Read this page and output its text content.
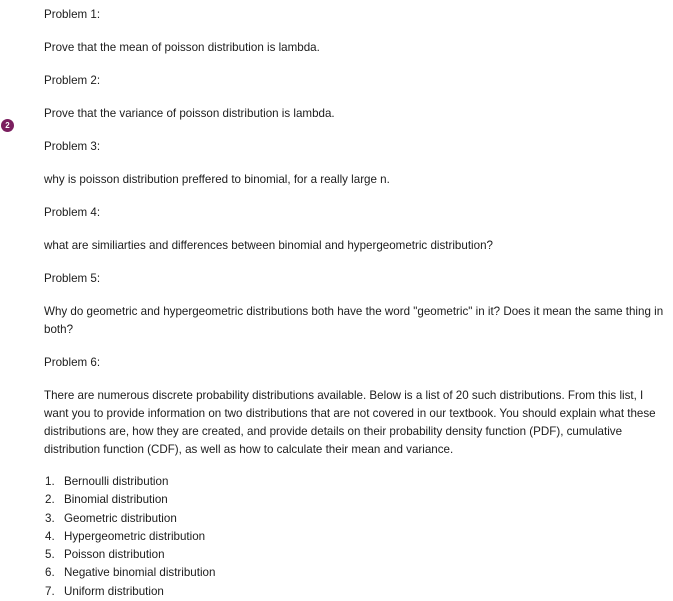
2

Problem 1:

Prove that the mean of poisson distribution is lambda.

Problem 2:

Prove that the variance of poisson distribution is lambda.

Problem 3:

why is poisson distribution preffered to binomial, for a really large n.

Problem 4:

what are similiarties and differences between binomial and hypergeometric distribution?

Problem 5:

Why do geometric and hypergeometric distributions both have the word "geometric" in it? Does it mean the same thing in both?

Problem 6:

There are numerous discrete probability distributions available. Below is a list of 20 such distributions. From this list, I want you to provide information on two distributions that are not covered in our textbook. You should explain what these distributions are, how they are created, and provide details on their probability density function (PDF), cumulative distribution function (CDF), as well as how to calculate their mean and variance.

1. Bernoulli distribution
2. Binomial distribution
3. Geometric distribution
4. Hypergeometric distribution
5. Poisson distribution
6. Negative binomial distribution
7. Uniform distribution
